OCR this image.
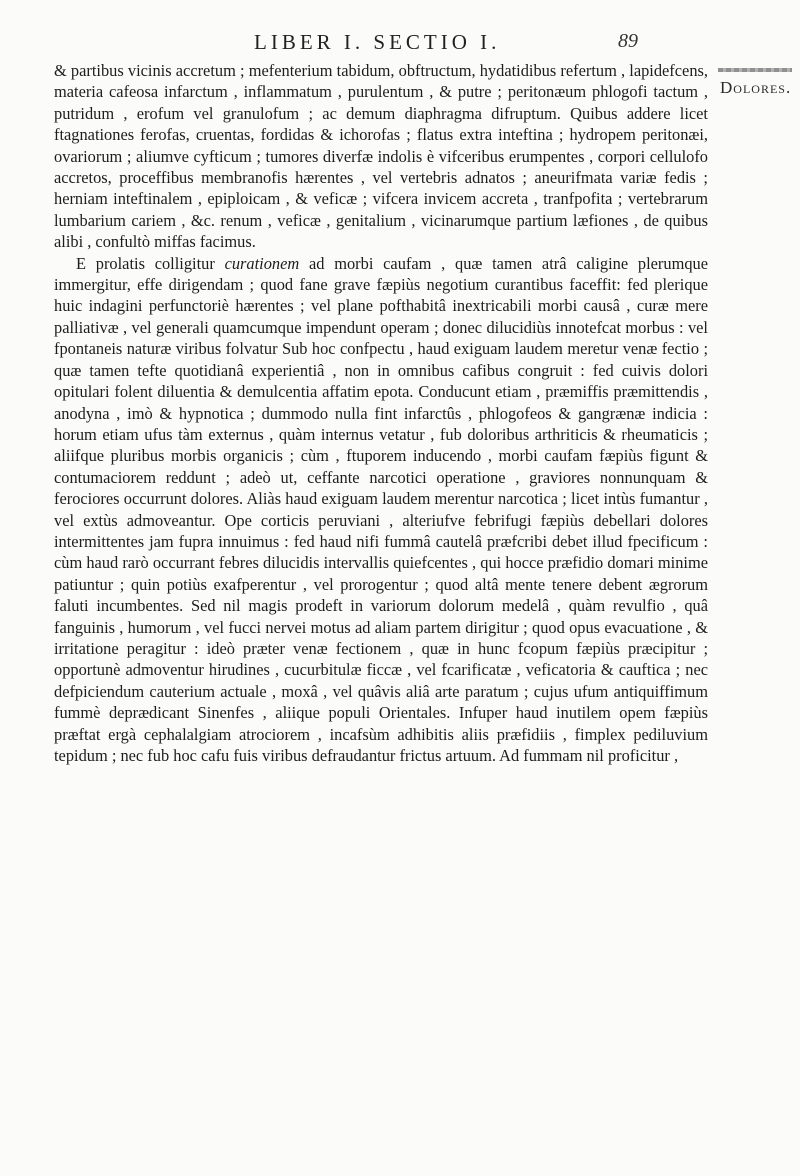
LIBER I. SECTIO I.	89
Dolores.

& partibus vicinis accretum ; mefenterium tabidum, obftructum, hydatidibus refertum , lapidefcens, materia cafeosa infarctum , inflammatum , purulentum , & putre ; peritonæum phlogofi tactum , putridum , erofum vel granulofum ; ac demum diaphragma difruptum. Quibus addere licet ftagnationes ferofas, cruentas, fordidas & ichorofas ; flatus extra inteftina ; hydropem peritonæi, ovariorum ; aliumve cyfticum ; tumores diverfæ indolis è vifceribus erumpentes , corpori cellulofo accretos, proceffibus membranofis hærentes , vel vertebris adnatos ; aneurifmata variæ fedis ; herniam inteftinalem , epiploicam , & veficæ ; vifcera invicem accreta , tranfpofita ; vertebrarum lumbarium cariem , &c. renum , veficæ , genitalium , vicinarumque partium læfiones , de quibus alibi , confultò miffas facimus.

E prolatis colligitur curationem ad morbi caufam , quæ tamen atrâ caligine plerumque immergitur, effe dirigendam ; quod fane grave fæpiùs negotium curantibus faceffit: fed plerique huic indagini perfunctoriè hærentes ; vel plane pofthabitâ inextricabili morbi causâ , curæ mere palliativæ , vel generali quamcumque impendunt operam ; donec dilucidiùs innotefcat morbus : vel fpontaneis naturæ viribus folvatur Sub hoc confpectu , haud exiguam laudem meretur venæ fectio ; quæ tamen tefte quotidianâ experientiâ , non in omnibus cafibus congruit : fed cuivis dolori opitulari folent diluentia & demulcentia affatim epota. Conducunt etiam , præmiffis præmittendis , anodyna , imò & hypnotica ; dummodo nulla fint infarctûs , phlogofeos & gangrænæ indicia : horum etiam ufus tàm externus , quàm internus vetatur , fub doloribus arthriticis & rheumaticis ; aliifque pluribus morbis organicis ; cùm , ftuporem inducendo , morbi caufam fæpiùs figunt & contumaciorem reddunt ; adeò ut, ceffante narcotici operatione , graviores nonnunquam & ferociores occurrunt dolores. Aliàs haud exiguam laudem merentur narcotica ; licet intùs fumantur , vel extùs admoveantur. Ope corticis peruviani , alteriufve febrifugi fæpiùs debellari dolores intermittentes jam fupra innuimus : fed haud nifi fummâ cautelâ præfcribi debet illud fpecificum : cùm haud rarò occurrant febres dilucidis intervallis quiefcentes , qui hocce præfidio domari minime patiuntur ; quin potiùs exafperentur , vel prorogentur ; quod altâ mente tenere debent ægrorum faluti incumbentes. Sed nil magis prodeft in variorum dolorum medelâ , quàm revulfio , quâ fanguinis , humorum , vel fucci nervei motus ad aliam partem dirigitur ; quod opus evacuatione , & irritatione peragitur : ideò præter venæ fectionem , quæ in hunc fcopum fæpiùs præcipitur ; opportunè admoventur hirudines , cucurbitulæ ficcæ , vel fcarificatæ , veficatoria & cauftica ; nec defpiciendum cauterium actuale , moxâ , vel quâvis aliâ arte paratum ; cujus ufum antiquiffimum fummè deprædicant Sinenfes , aliique populi Orientales. Infuper haud inutilem opem fæpiùs præftat ergà cephalalgiam atrociorem , incafsùm adhibitis aliis præfidiis , fimplex pediluvium tepidum ; nec fub hoc cafu fuis viribus defraudantur frictus artuum. Ad fummam nil proficitur ,
